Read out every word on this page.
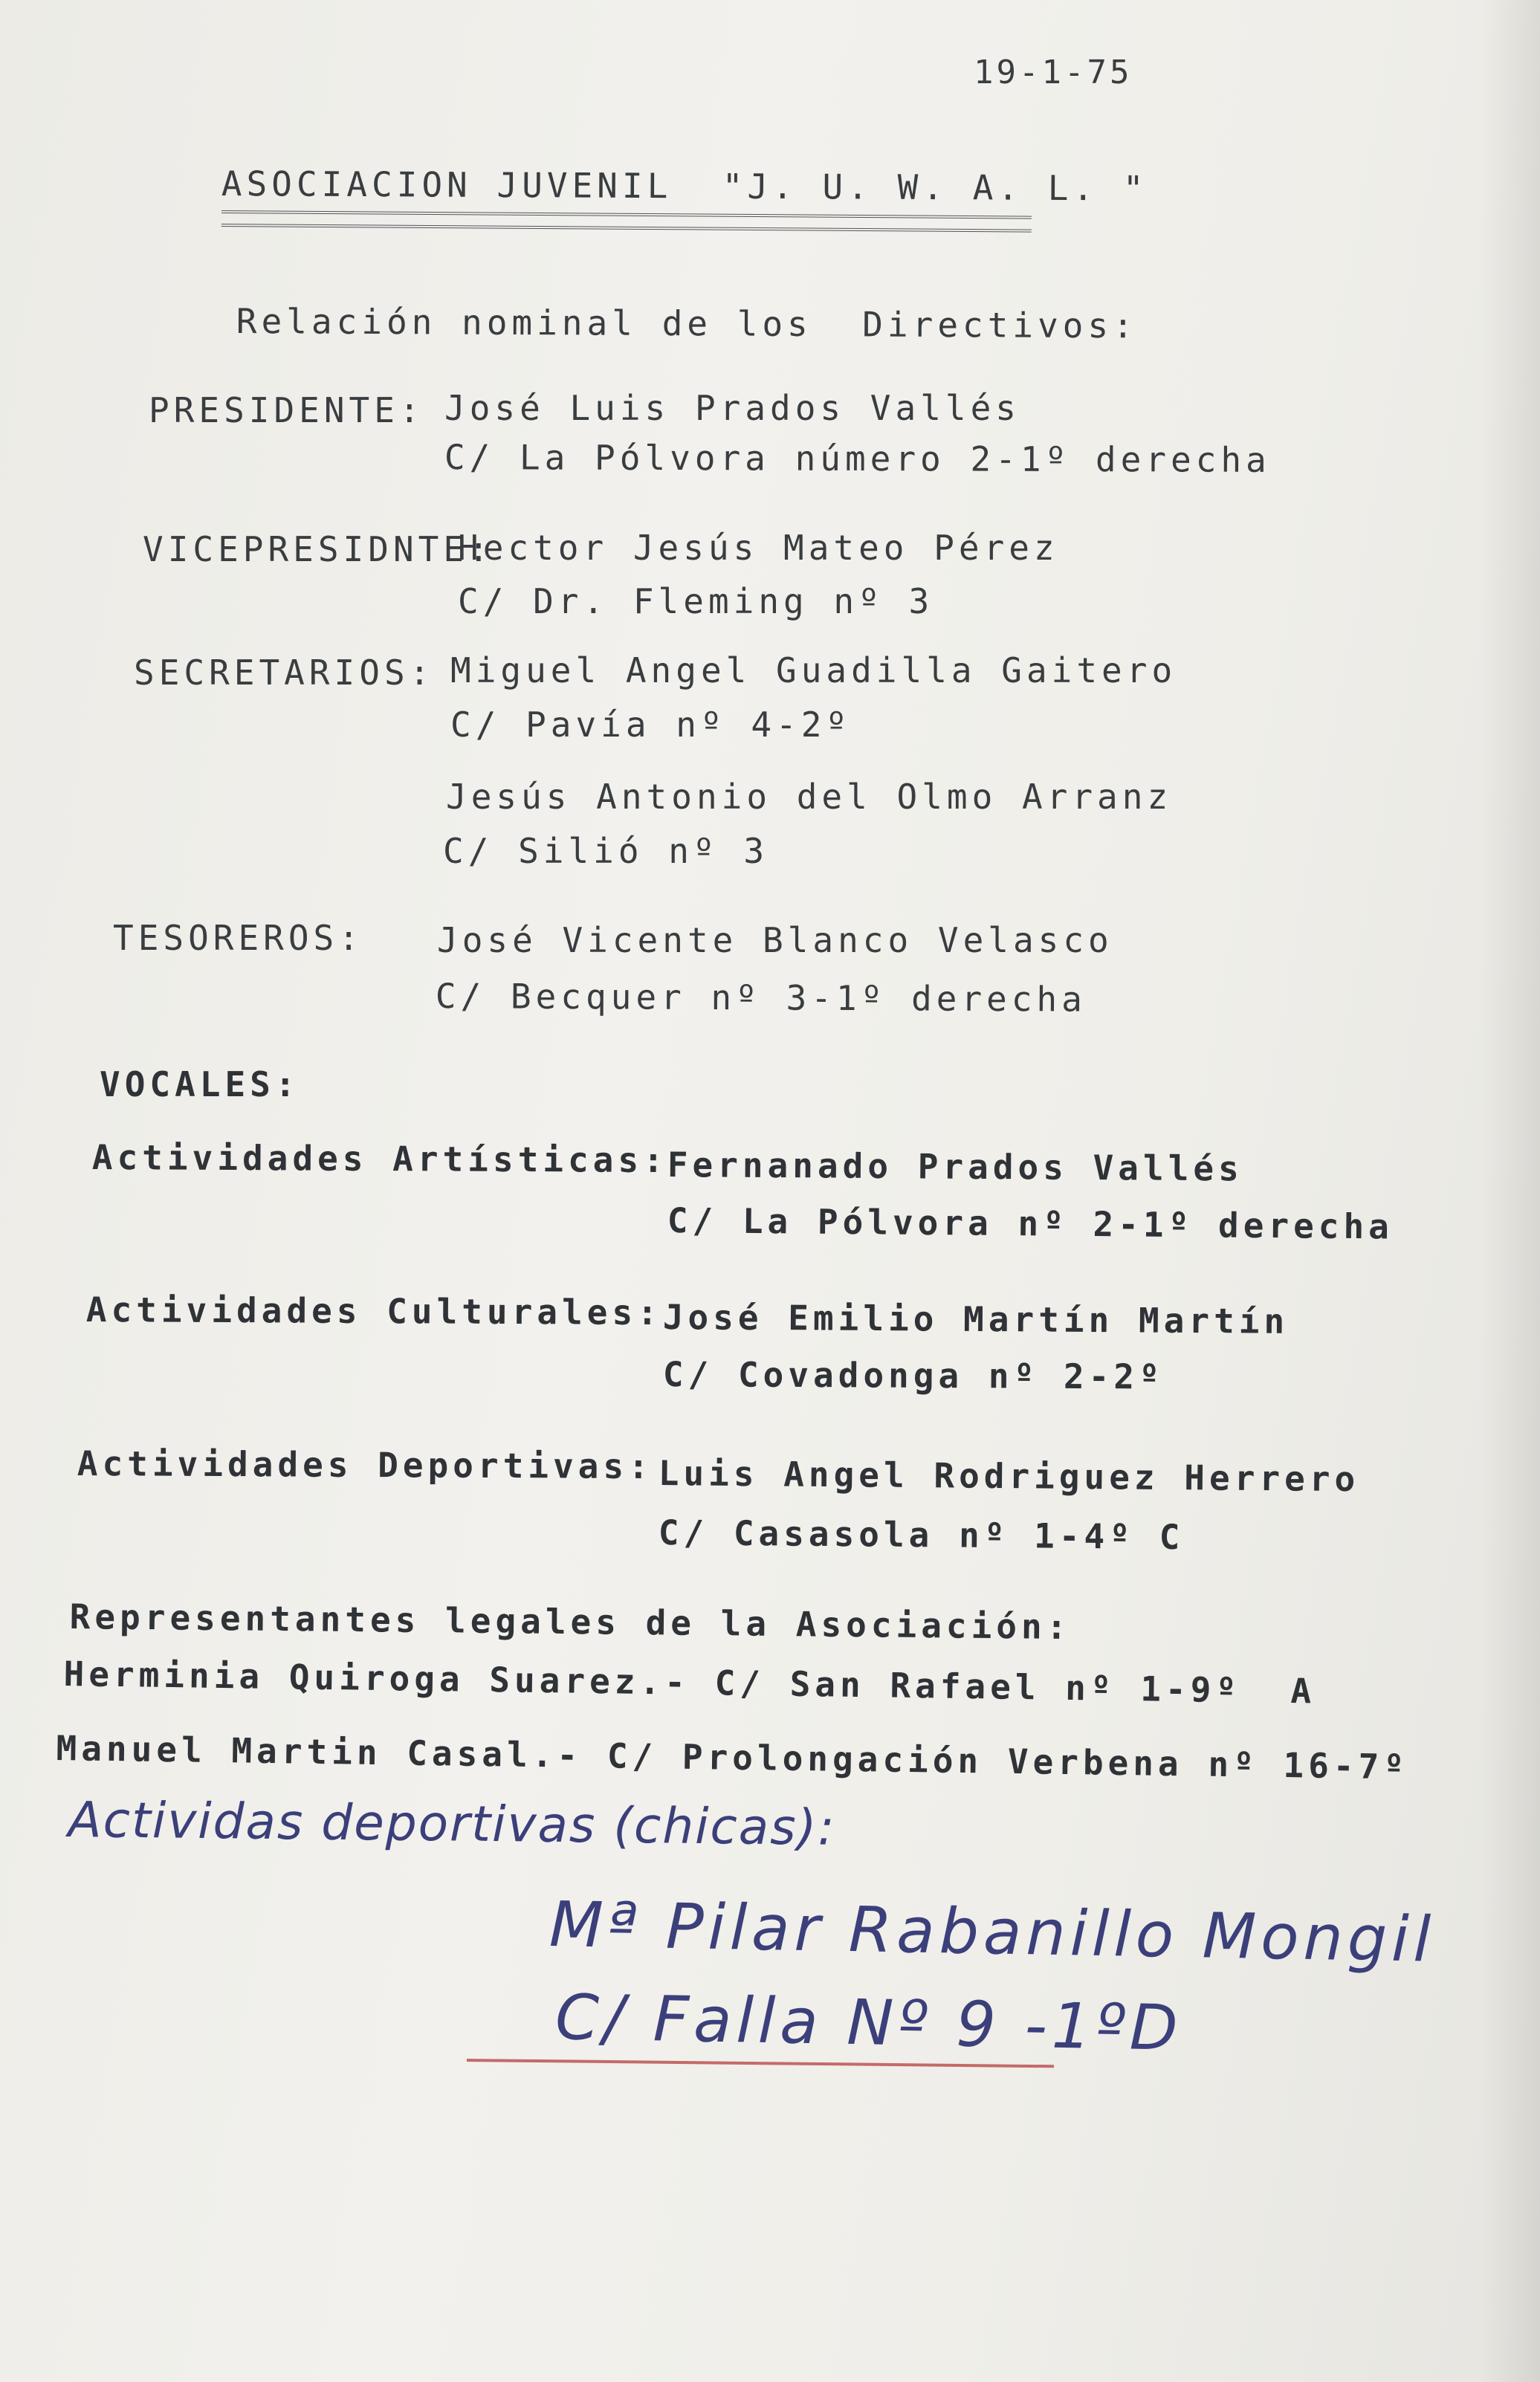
19-1-75
ASOCIACION JUVENIL  "J. U. W. A. L. "
Relación nominal de los  Directivos:
PRESIDENTE: José Luis Prados Vallés
C/ La Pólvora número 2-1º derecha
VICEPRESIDNTE:
Hector Jesús Mateo Pérez
C/ Dr. Fleming nº 3
SECRETARIOS: Miguel Angel Guadilla Gaitero
C/ Pavía nº 4-2º
Jesús Antonio del Olmo Arranz
C/ Silió nº 3
TESOREROS: José Vicente Blanco Velasco
C/ Becquer nº 3-1º derecha
VOCALES:
Actividades Artísticas:
Fernanado Prados Vallés
C/ La Pólvora nº 2-1º derecha
Actividades Culturales: José Emilio Martín Martín
C/ Covadonga nº 2-2º
Actividades Deportivas: Luis Angel Rodriguez Herrero
C/ Casasola nº 1-4º C
Representantes legales de la Asociación:
Herminia Quiroga Suarez.- C/ San Rafael nº 1-9º  A
Manuel Martin Casal.- C/ Prolongación Verbena nº 16-7º
Actividas deportivas (chicas):
Mª Pilar Rabanillo Mongil
C/ Falla Nº 9 -1ºD
